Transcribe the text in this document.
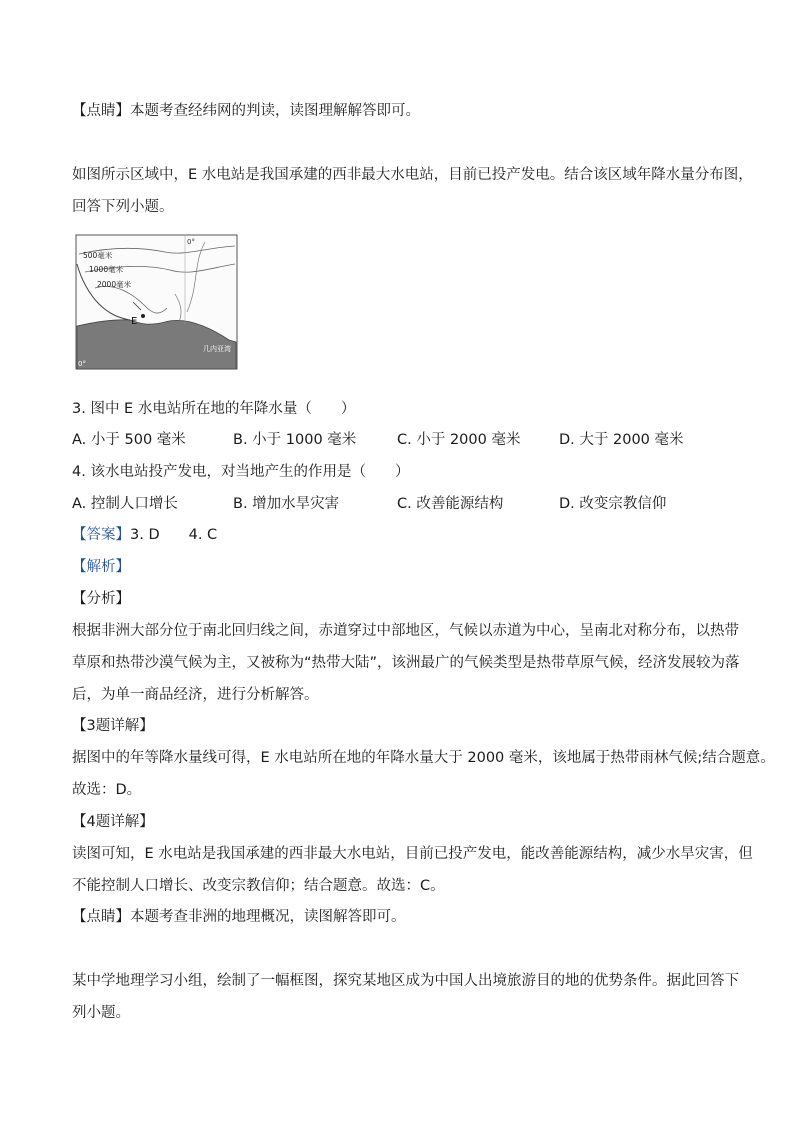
【点睛】本题考查经纬网的判读，读图理解解答即可。
如图所示区域中，E 水电站是我国承建的西非最大水电站，目前已投产发电。结合该区域年降水量分布图，
回答下列小题。
500毫米
1000毫米
2000毫米
E
几内亚湾
0°
0°
3. 图中 E 水电站所在地的年降水量（　　）
A. 小于 500 毫米	B. 小于 1000 毫米	C. 小于 2000 毫米	D. 大于 2000 毫米
4. 该水电站投产发电，对当地产生的作用是（　　）
A. 控制人口增长	B. 增加水旱灾害	C. 改善能源结构	D. 改变宗教信仰
【答案】3. D　　4. C
【解析】
【分析】
根据非洲大部分位于南北回归线之间，赤道穿过中部地区，气候以赤道为中心，呈南北对称分布，以热带
草原和热带沙漠气候为主，又被称为“热带大陆”，该洲最广的气候类型是热带草原气候，经济发展较为落
后，为单一商品经济，进行分析解答。
【3题详解】
据图中的年等降水量线可得，E 水电站所在地的年降水量大于 2000 毫米，该地属于热带雨林气候;结合题意。
故选：D。
【4题详解】
读图可知，E 水电站是我国承建的西非最大水电站，目前已投产发电，能改善能源结构，减少水旱灾害，但
不能控制人口增长、改变宗教信仰；结合题意。故选：C。
【点睛】本题考查非洲的地理概况，读图解答即可。
某中学地理学习小组，绘制了一幅框图，探究某地区成为中国人出境旅游目的地的优势条件。据此回答下
列小题。
